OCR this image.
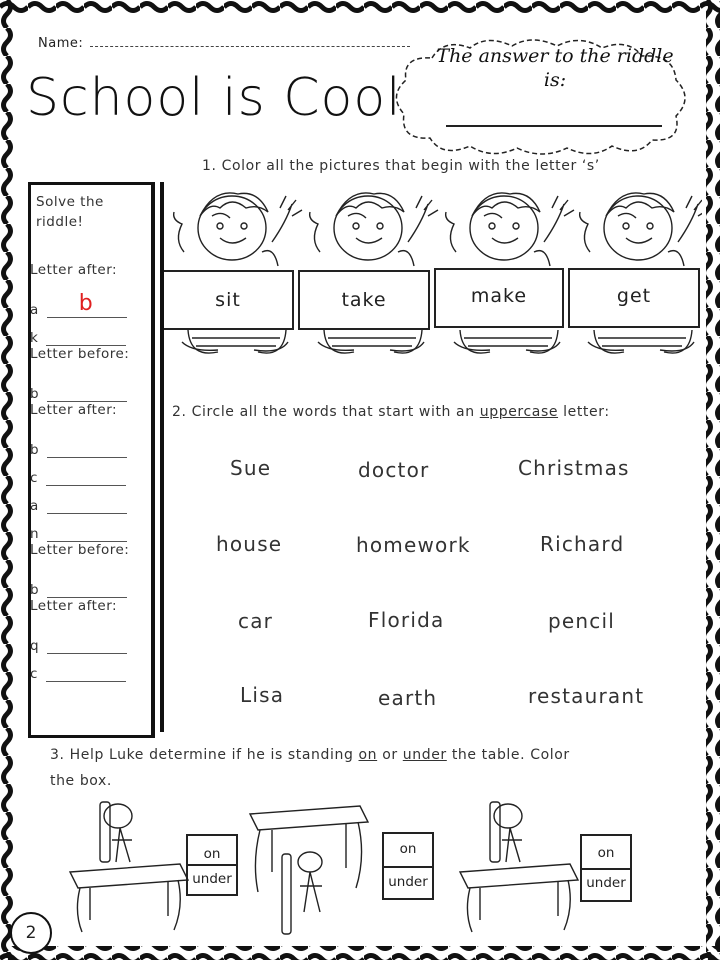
Name:
School is Cool
The answer to the riddle is:
1. Color all the pictures that begin with the letter ‘s’
sit	take	make	get
Solve the riddle!
Letter after:
a b
k
Letter before:
b
Letter after:
b
c
a
n
Letter before:
b
Letter after:
q
c
2. Circle all the words that start with an uppercase letter:
Sue	doctor	Christmas
house	homework	Richard
car	Florida	pencil
Lisa	earth	restaurant
3. Help Luke determine if he is standing on or under the table. Color
the box.
on
under
on
under
on
under
2
